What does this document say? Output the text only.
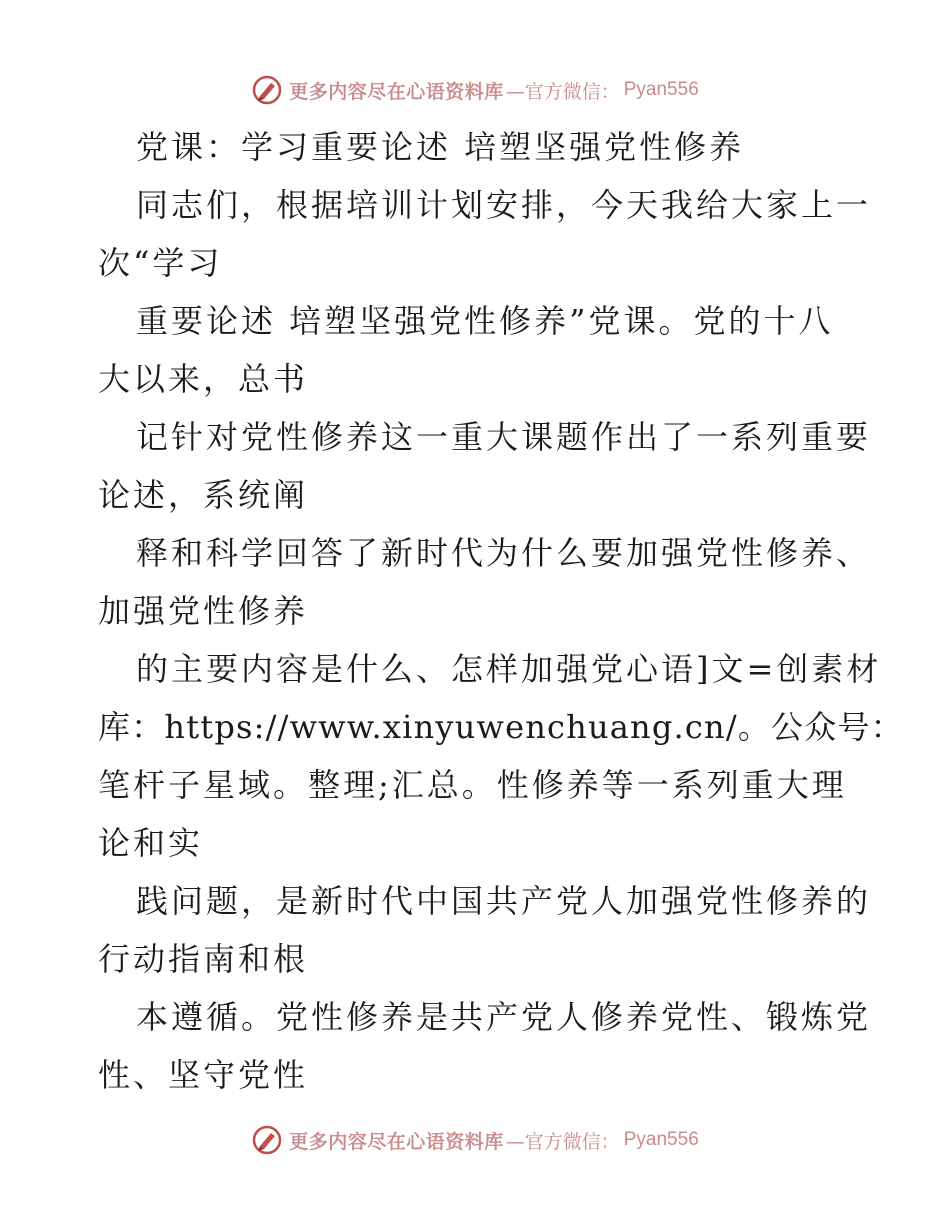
更多内容尽在心语资料库 —官方微信： Pyan556
党课：学习重要论述 培塑坚强党性修养
同志们，根据培训计划安排，今天我给大家上一
次“学习
重要论述 培塑坚强党性修养”党课。党的十八
大以来，总书
记针对党性修养这一重大课题作出了一系列重要
论述，系统阐
释和科学回答了新时代为什么要加强党性修养、
加强党性修养
的主要内容是什么、怎样加强党心语]文=创素材
库：https://www.xinyuwenchuang.cn/。公众号：
笔杆子星域。整理;汇总。性修养等一系列重大理
论和实
践问题，是新时代中国共产党人加强党性修养的
行动指南和根
本遵循。党性修养是共产党人修养党性、锻炼党
性、坚守党性
更多内容尽在心语资料库 —官方微信： Pyan556
